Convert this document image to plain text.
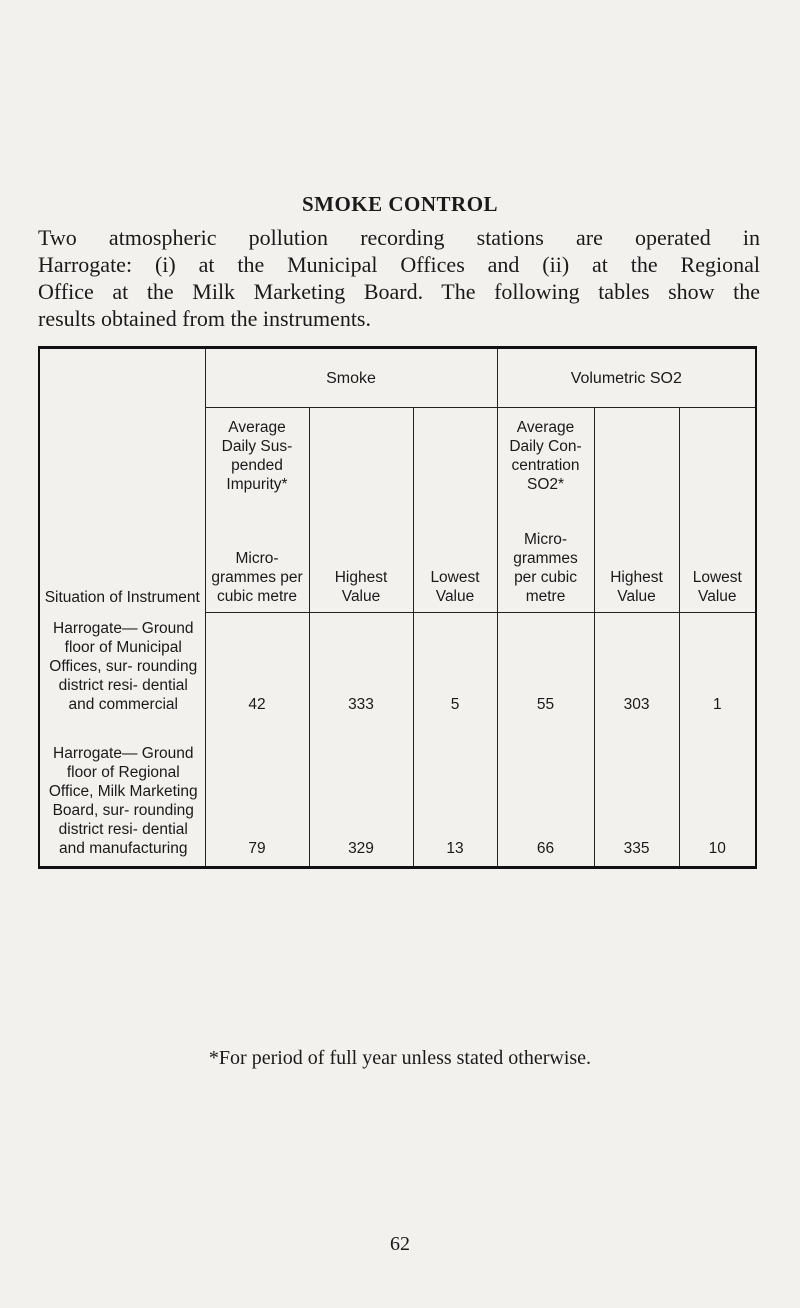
SMOKE CONTROL
Two atmospheric pollution recording stations are operated in
Harrogate: (i) at the Municipal Offices and (ii) at the Regional
Office at the Milk Marketing Board. The following tables show the
results obtained from the instruments.
Situation of Instrument	Smoke			Volumetric SO2		
	Average Daily Sus- pended Impurity*	Highest Value	Lowest Value	Average Daily Con- centration SO2*	Highest Value	Lowest Value
	Micro- grammes per cubic metre			Micro- grammes per cubic metre		
Harrogate— Ground floor of Municipal Offices, sur- rounding district resi- dential and commercial	42	333	5	55	303	1
Harrogate— Ground floor of Regional Office, Milk Marketing Board, sur- rounding district resi- dential and manufacturing	79	329	13	66	335	10
*For period of full year unless stated otherwise.
62
